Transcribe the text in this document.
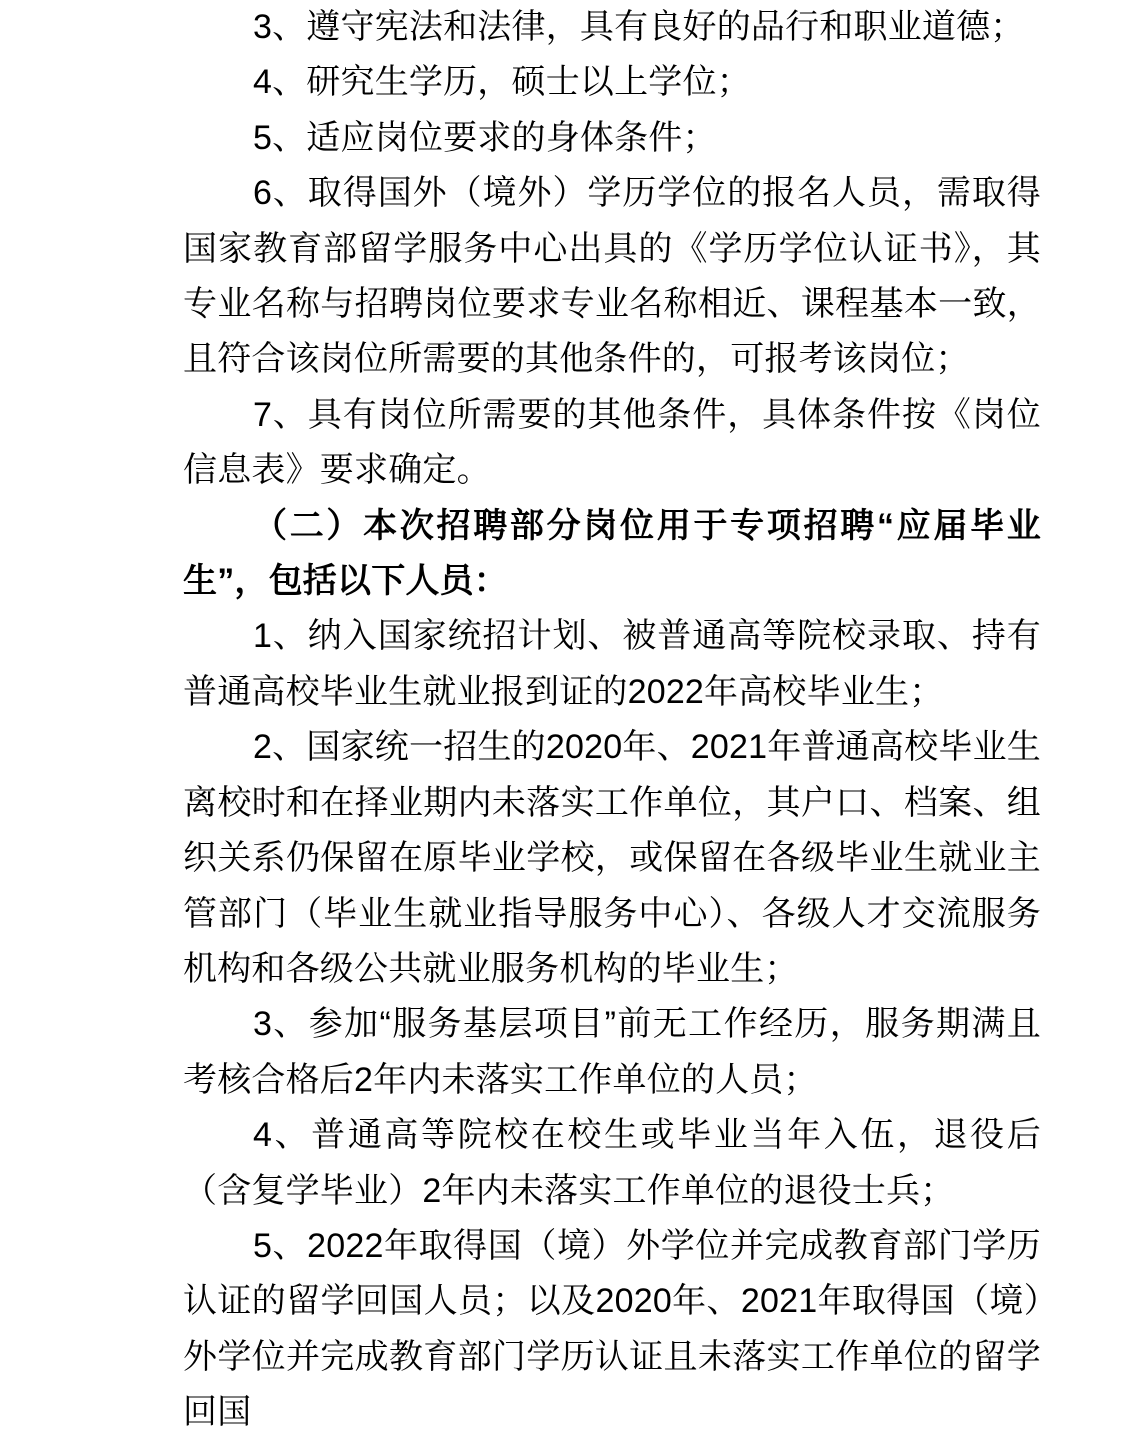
3、遵守宪法和法律，具有良好的品行和职业道德；

4、研究生学历，硕士以上学位；

5、适应岗位要求的身体条件；

6、取得国外（境外）学历学位的报名人员，需取得国家教育部留学服务中心出具的《学历学位认证书》，其专业名称与招聘岗位要求专业名称相近、课程基本一致，且符合该岗位所需要的其他条件的，可报考该岗位；

7、具有岗位所需要的其他条件，具体条件按《岗位信息表》要求确定。

（二）本次招聘部分岗位用于专项招聘“应届毕业生”，包括以下人员：

1、纳入国家统招计划、被普通高等院校录取、持有普通高校毕业生就业报到证的2022年高校毕业生；

2、国家统一招生的2020年、2021年普通高校毕业生离校时和在择业期内未落实工作单位，其户口、档案、组织关系仍保留在原毕业学校，或保留在各级毕业生就业主管部门（毕业生就业指导服务中心）、各级人才交流服务机构和各级公共就业服务机构的毕业生；

3、参加“服务基层项目”前无工作经历，服务期满且考核合格后2年内未落实工作单位的人员；

4、普通高等院校在校生或毕业当年入伍，退役后（含复学毕业）2年内未落实工作单位的退役士兵；

5、2022年取得国（境）外学位并完成教育部门学历认证的留学回国人员；以及2020年、2021年取得国（境）外学位并完成教育部门学历认证且未落实工作单位的留学回国
